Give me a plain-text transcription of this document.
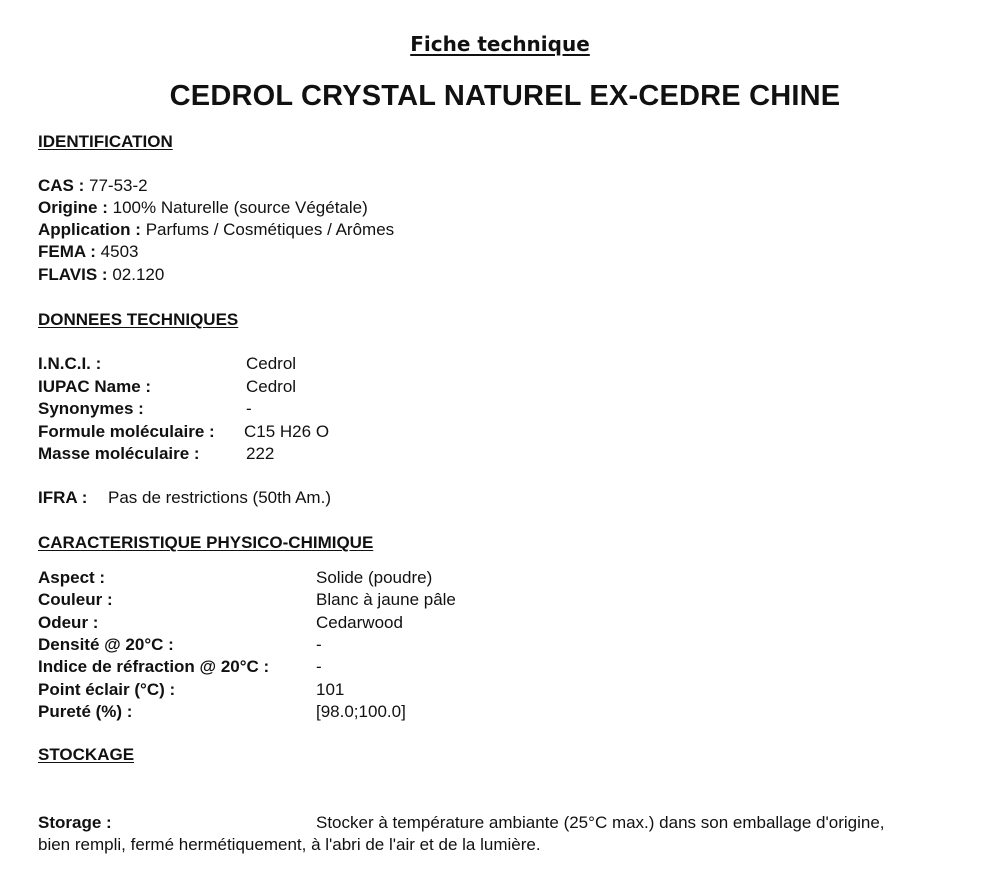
Fiche technique
CEDROL CRYSTAL NATUREL EX-CEDRE CHINE
IDENTIFICATION
CAS : 77-53-2
Origine : 100% Naturelle (source Végétale)
Application : Parfums / Cosmétiques / Arômes
FEMA : 4503
FLAVIS : 02.120
DONNEES TECHNIQUES
I.N.C.I. :	Cedrol
IUPAC Name :	Cedrol
Synonymes :	-
Formule moléculaire : C15 H26 O
Masse moléculaire :	222
IFRA : Pas de restrictions (50th Am.)
CARACTERISTIQUE PHYSICO-CHIMIQUE
Aspect :	Solide (poudre)
Couleur :	Blanc à jaune pâle
Odeur :	Cedarwood
Densité @ 20°C :	-
Indice de réfraction @ 20°C :	-
Point éclair (°C) :	101
Pureté (%) :	[98.0;100.0]
STOCKAGE
Storage :	Stocker à température ambiante (25°C max.) dans son emballage d'origine,
bien rempli, fermé hermétiquement, à l'abri de l'air et de la lumière.
